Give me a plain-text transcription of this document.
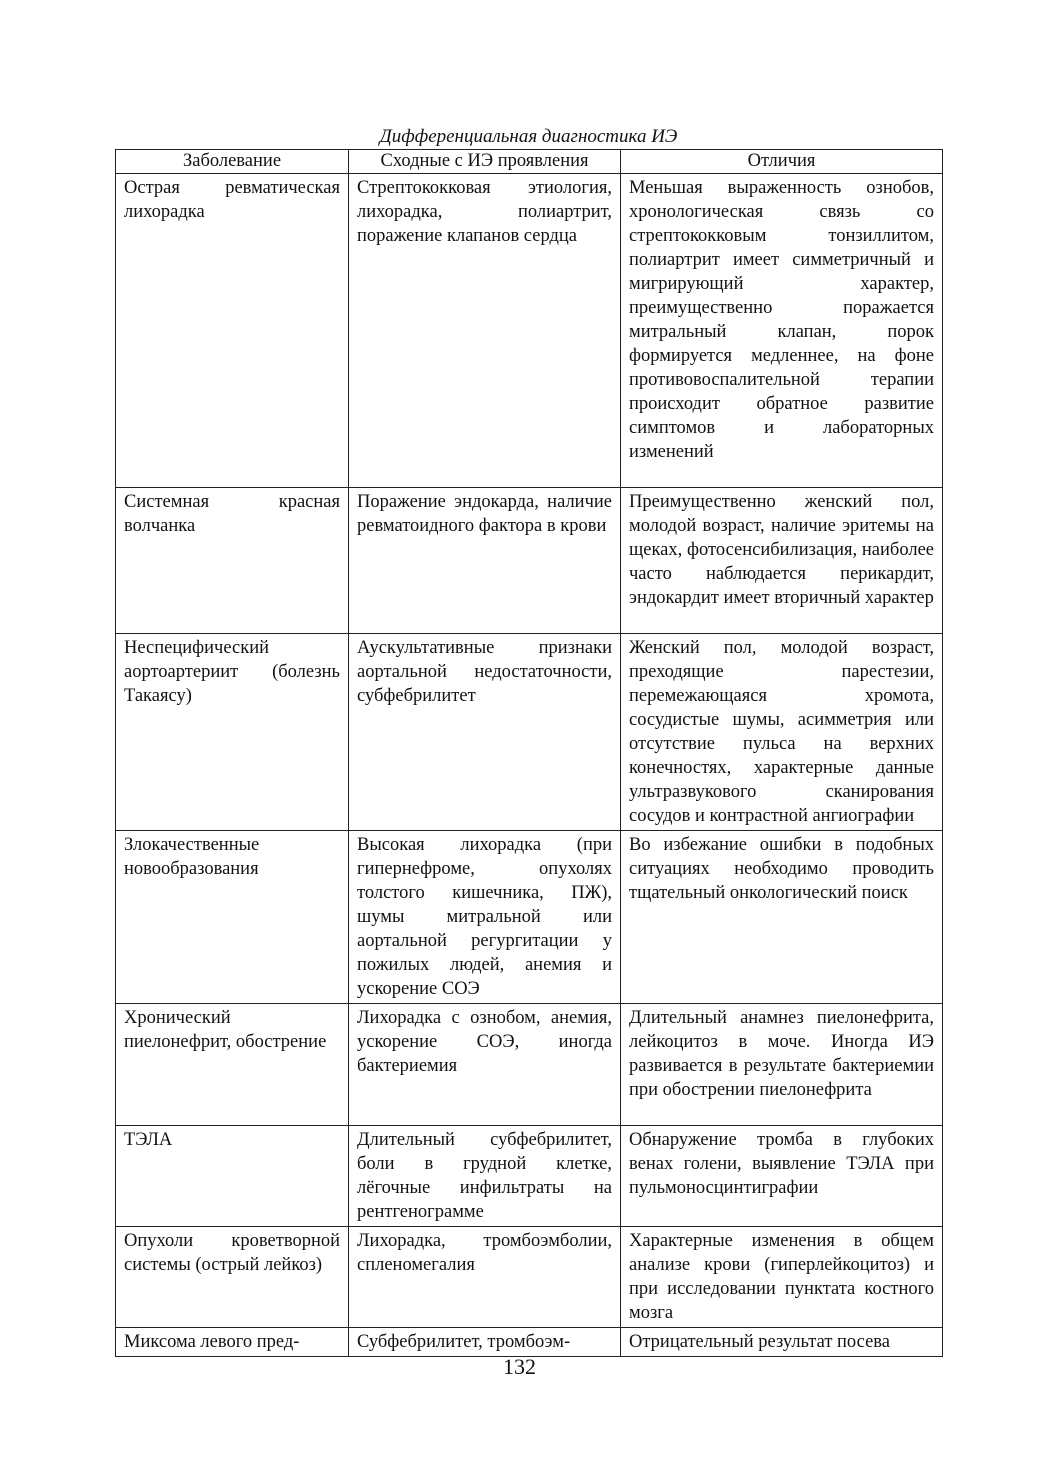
Дифференциальная диагностика ИЭ
Заболевание	Сходные с ИЭ проявления	Отличия
Острая ревматическая лихорадка	Стрептококковая этиология, лихорадка, полиартрит, поражение клапанов сердца	Меньшая выраженность ознобов, хронологическая связь со стрептококковым тонзиллитом, полиартрит имеет симметричный и мигрирующий характер, преимущественно поражается митральный клапан, порок формируется медленнее, на фоне противовоспалительной терапии происходит обратное развитие симптомов и лабораторных изменений
Системная красная волчанка	Поражение эндокарда, наличие ревматоидного фактора в крови	Преимущественно женский пол, молодой возраст, наличие эритемы на щеках, фотосенсибилизация, наиболее часто наблюдается перикардит, эндокардит имеет вторичный характер
Неспецифический аортоартериит (болезнь Такаясу)	Аускультативные признаки аортальной недостаточности, субфебрилитет	Женский пол, молодой возраст, преходящие парестезии, перемежающаяся хромота, сосудистые шумы, асимметрия или отсутствие пульса на верхних конечностях, характерные данные ультразвукового сканирования сосудов и контрастной ангиографии
Злокачественные новообразования	Высокая лихорадка (при гипернефроме, опухолях толстого кишечника, ПЖ), шумы митральной или аортальной регургитации у пожилых людей, анемия и ускорение СОЭ	Во избежание ошибки в подобных ситуациях необходимо проводить тщательный онкологический поиск
Хронический пиелонефрит, обострение	Лихорадка с ознобом, анемия, ускорение СОЭ, иногда бактериемия	Длительный анамнез пиелонефрита, лейкоцитоз в моче. Иногда ИЭ развивается в результате бактериемии при обострении пиелонефрита
ТЭЛА	Длительный субфебрилитет, боли в грудной клетке, лёгочные инфильтраты на рентгенограмме	Обнаружение тромба в глубоких венах голени, выявление ТЭЛА при пульмоносцинтиграфии
Опухоли кроветворной системы (острый лейкоз)	Лихорадка, тромбоэмболии, спленомегалия	Характерные изменения в общем анализе крови (гиперлейкоцитоз) и при исследовании пунктата костного мозга
Миксома левого пред-	Субфебрилитет, тромбоэм-	Отрицательный результат посева
132
